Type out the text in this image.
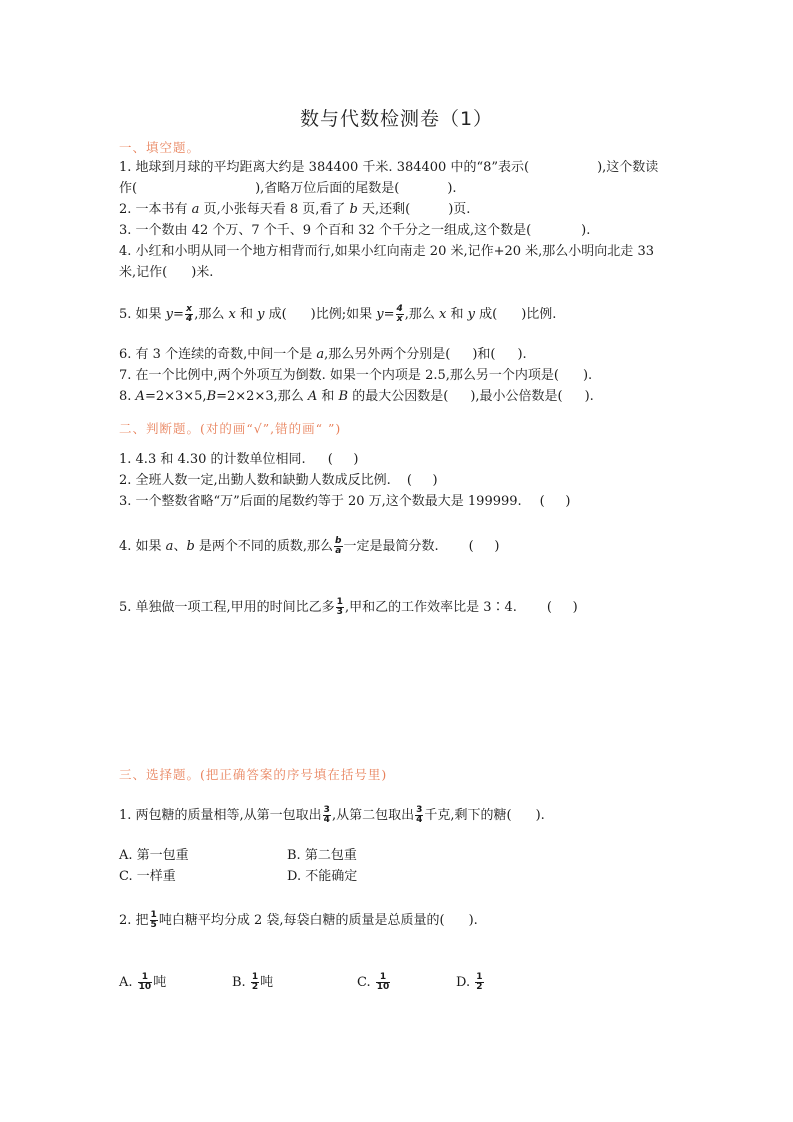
数与代数检测卷（1）
一、填空题。
1. 地球到月球的平均距离大约是 384400 千米. 384400 中的“8”表示(	),这个数读
作(	),省略万位后面的尾数是(	).
2. 一本书有 a 页,小张每天看 8 页,看了 b 天,还剩(	)页.
3. 一个数由 42 个万、7 个千、9 个百和 32 个千分之一组成,这个数是(	).
4. 小红和小明从同一个地方相背而行,如果小红向南走 20 米,记作+20 米,那么小明向北走 33
米,记作( )米.
5. 如果 $y= \frac{x}{4}$ ,那么 x 和 y 成( )比例;如果 $y= \frac{4}{x}$ ,那么 x 和 y 成( )比例.
6. 有 3 个连续的奇数,中间一个是 a,那么另外两个分别是( )和( ).
7. 在一个比例中,两个外项互为倒数. 如果一个内项是 2.5,那么另一个内项是( ).
8. A=2×3×5,B=2×2×3,那么 A 和 B 的最大公因数是( ),最小公倍数是( ).
二、判断题。(对的画“√”,错的画“ ”)
1. 4.3 和 4.30 的计数单位相同. (     )
2. 全班人数一定,出勤人数和缺勤人数成反比例. (     )
3. 一个整数省略“万”后面的尾数约等于 20 万,这个数最大是 199999. (     )
4. 如果 a、b 是两个不同的质数,那么 $\frac{b}{a}$ 一定是最简分数. (     )
5. 单独做一项工程,甲用的时间比乙多 $\frac{1}{3}$ ,甲和乙的工作效率比是 3∶4. (     )
三、选择题。(把正确答案的序号填在括号里)
1. 两包糖的质量相等,从第一包取出 $\frac{3}{4}$ ,从第二包取出 $\frac{3}{4}$ 千克,剩下的糖( ).
A. 第一包重	B. 第二包重
C. 一样重	D. 不能确定
2. 把 $\frac{1}{5}$ 吨白糖平均分成 2 袋,每袋白糖的质量是总质量的( ).
A. $\frac{1}{10}$ 吨	B. $\frac{1}{2}$ 吨	C. $\frac{1}{10}$	D. $\frac{1}{2}$
